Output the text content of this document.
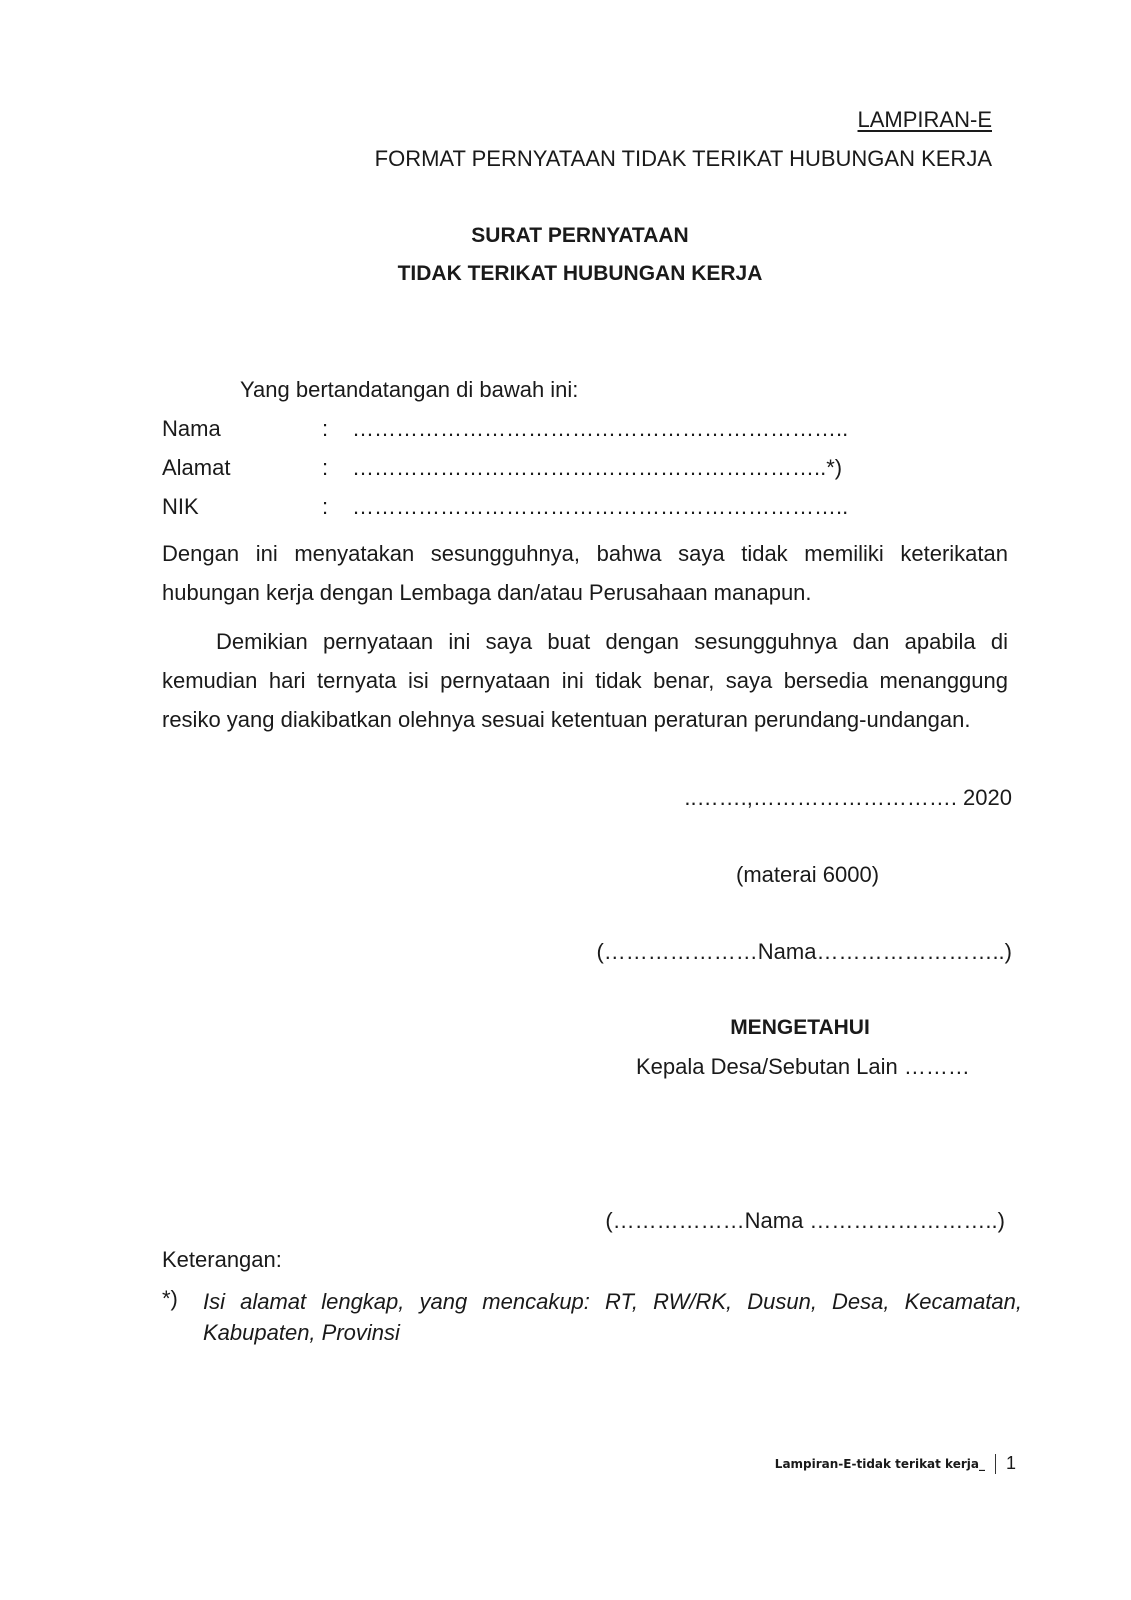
LAMPIRAN-E
FORMAT PERNYATAAN TIDAK TERIKAT HUBUNGAN KERJA
SURAT PERNYATAAN
TIDAK TERIKAT HUBUNGAN KERJA
Yang bertandatangan di bawah ini:
Nama	: …………………………………………………………..
Alamat	: ………………………………………………………..*)
NIK	: …………………………………………………………..

Dengan ini menyatakan sesungguhnya, bahwa saya tidak memiliki keterikatan hubungan kerja dengan Lembaga dan/atau Perusahaan manapun.

Demikian pernyataan ini saya buat dengan sesungguhnya dan apabila di kemudian hari ternyata isi pernyataan ini tidak benar, saya bersedia menanggung resiko yang diakibatkan olehnya sesuai ketentuan peraturan perundang-undangan.

..…….,………………………. 2020
(materai 6000)
(…………………Nama……………………..)
MENGETAHUI
Kepala Desa/Sebutan Lain ………
(………………Nama ……………………..)
Keterangan:
*) Isi alamat lengkap, yang mencakup: RT, RW/RK, Dusun, Desa, Kecamatan, Kabupaten, Provinsi

Lampiran-E-tidak terikat kerja_ 1
